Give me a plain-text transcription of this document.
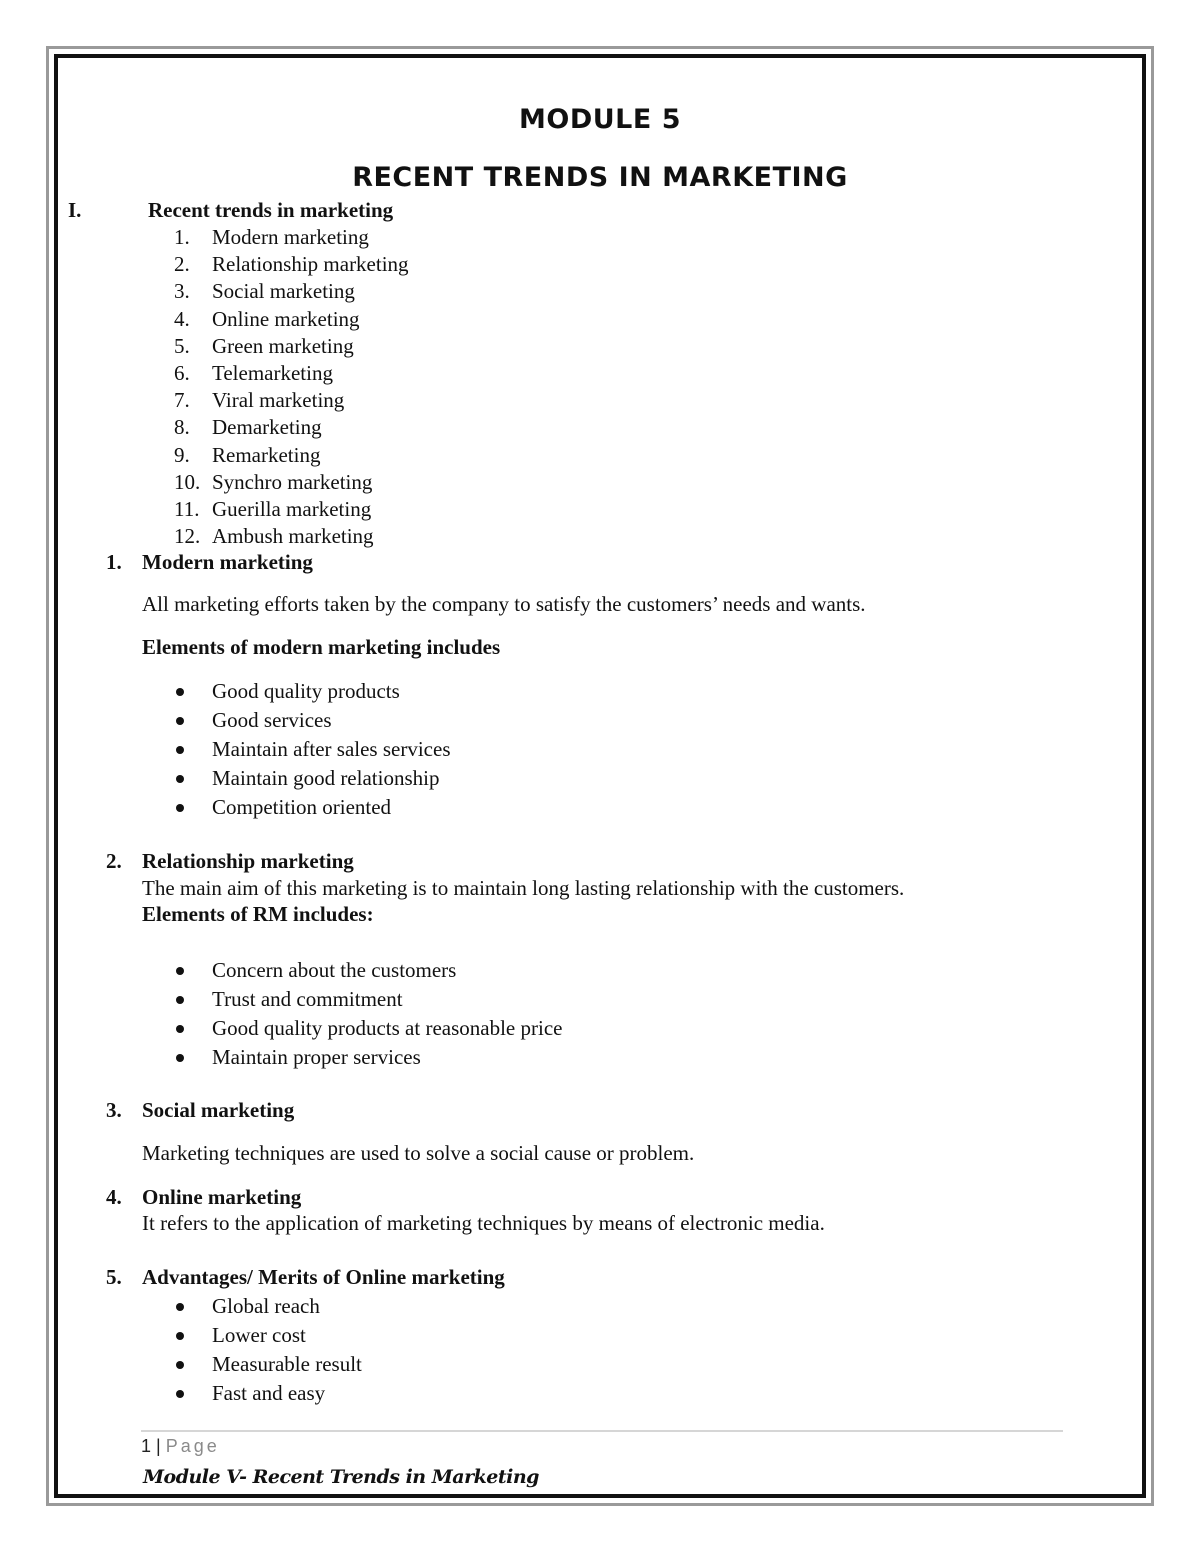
MODULE 5
RECENT TRENDS IN MARKETING
I.	Recent trends in marketing
1. Modern marketing
2. Relationship marketing
3. Social marketing
4. Online marketing
5. Green marketing
6. Telemarketing
7. Viral marketing
8. Demarketing
9. Remarketing
10. Synchro marketing
11. Guerilla marketing
12. Ambush marketing
1. Modern marketing
All marketing efforts taken by the company to satisfy the customers’ needs and wants.
Elements of modern marketing includes
Good quality products
Good services
Maintain after sales services
Maintain good relationship
Competition oriented
2. Relationship marketing
The main aim of this marketing is to maintain long lasting relationship with the customers.
Elements of RM includes:
Concern about the customers
Trust and commitment
Good quality products at reasonable price
Maintain proper services
3. Social marketing
Marketing techniques are used to solve a social cause or problem.
4. Online marketing
It refers to the application of marketing techniques by means of electronic media.
5. Advantages/ Merits of Online marketing
Global reach
Lower cost
Measurable result
Fast and easy
1 | Page
Module V- Recent Trends in Marketing
